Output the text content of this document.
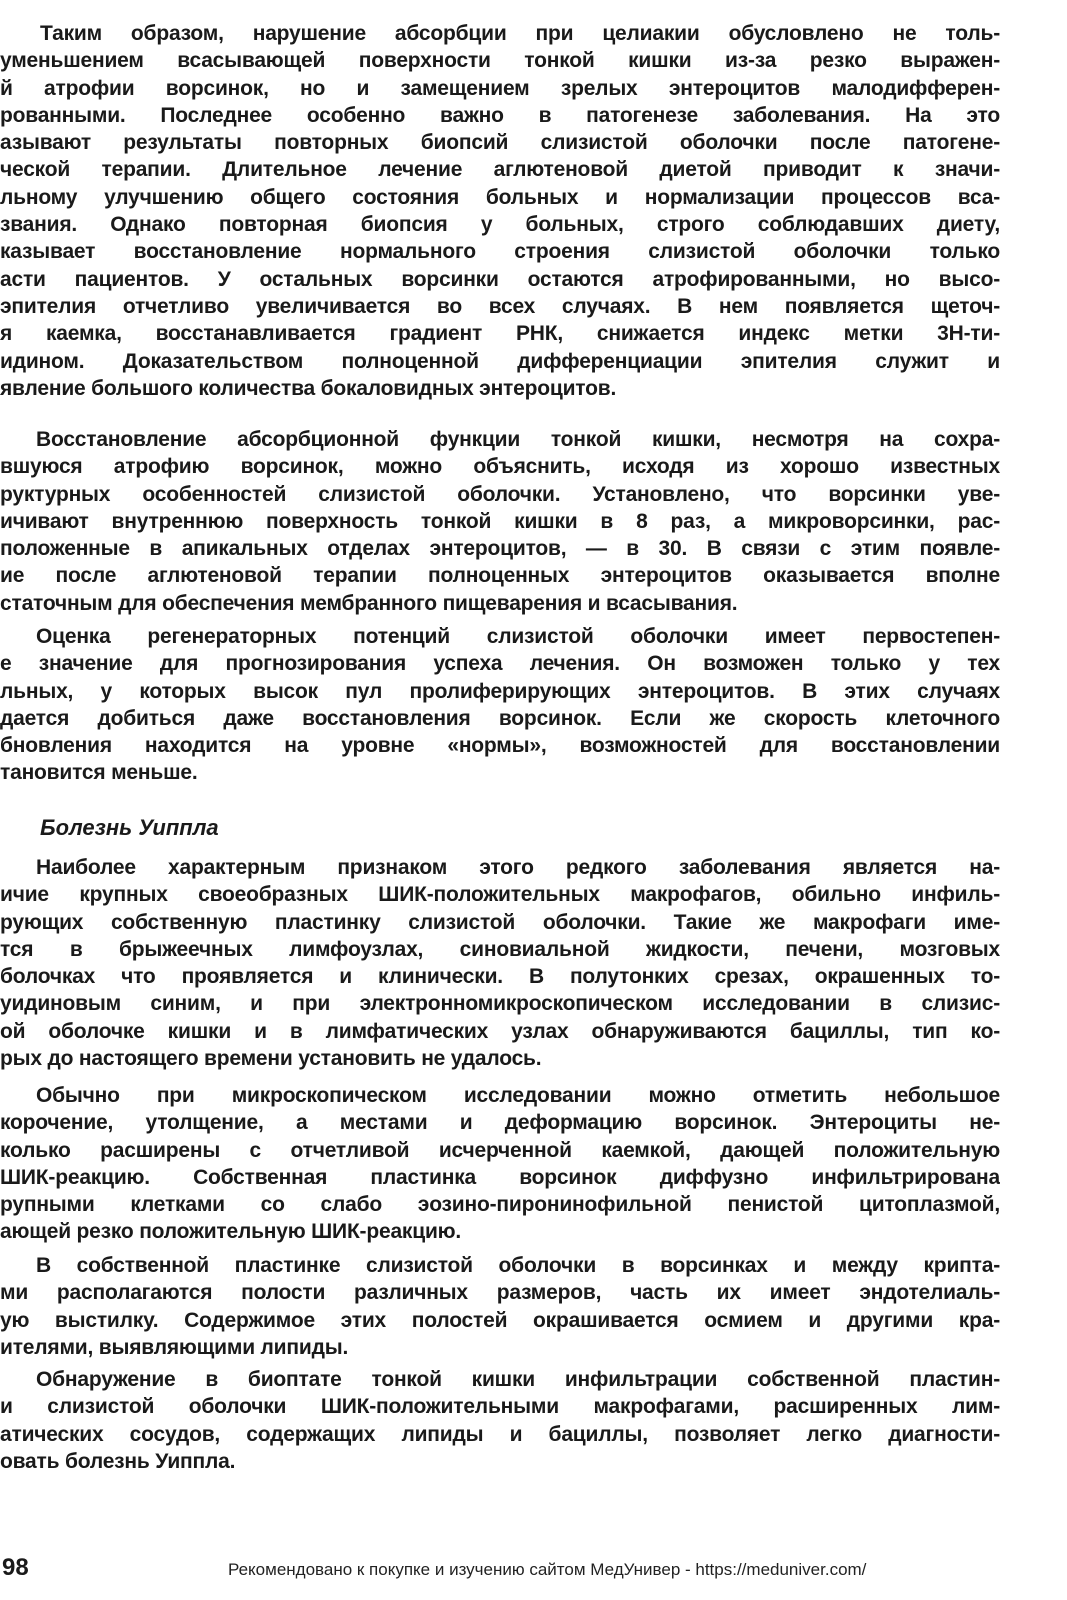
Таким образом, нарушение абсорбции при целиакии обусловлено не толь-
уменьшением всасывающей поверхности тонкой кишки из-за резко выражен-
й атрофии ворсинок, но и замещением зрелых энтероцитов малодифферен-
рованными. Последнее особенно важно в патогенезе заболевания. На это
азывают результаты повторных биопсий слизистой оболочки после патогене-
ческой терапии. Длительное лечение аглютеновой диетой приводит к значи-
льному улучшению общего состояния больных и нормализации процессов вса-
звания. Однако повторная биопсия у больных, строго соблюдавших диету,
казывает восстановление нормального строения слизистой оболочки только
асти пациентов. У остальных ворсинки остаются атрофированными, но высо-
эпителия отчетливо увеличивается во всех случаях. В нем появляется щеточ-
я каемка, восстанавливается градиент РНК, снижается индекс метки 3Н-ти-
идином. Доказательством полноценной дифференциации эпителия служит и
явление большого количества бокаловидных энтероцитов.
Восстановление абсорбционной функции тонкой кишки, несмотря на сохра-
вшуюся атрофию ворсинок, можно объяснить, исходя из хорошо известных
руктурных особенностей слизистой оболочки. Установлено, что ворсинки уве-
ичивают внутреннюю поверхность тонкой кишки в 8 раз, а микроворсинки, рас-
положенные в апикальных отделах энтероцитов, — в 30. В связи с этим появле-
ие после аглютеновой терапии полноценных энтероцитов оказывается вполне
статочным для обеспечения мембранного пищеварения и всасывания.
Оценка регенераторных потенций слизистой оболочки имеет первостепен-
е значение для прогнозирования успеха лечения. Он возможен только у тех
льных, у которых высок пул пролиферирующих энтероцитов. В этих случаях
дается добиться даже восстановления ворсинок. Если же скорость клеточного
бновления находится на уровне «нормы», возможностей для восстановлении
тановится меньше.
Болезнь Уиппла
Наиболее характерным признаком этого редкого заболевания является на-
ичие крупных своеобразных ШИК-положительных макрофагов, обильно инфиль-
рующих собственную пластинку слизистой оболочки. Такие же макрофаги име-
тся в брыжеечных лимфоузлах, синовиальной жидкости, печени, мозговых
болочках что проявляется и клинически. В полутонких срезах, окрашенных то-
уидиновым синим, и при электронномикроскопическом исследовании в слизис-
ой оболочке кишки и в лимфатических узлах обнаруживаются бациллы, тип ко-
рых до настоящего времени установить не удалось.
Обычно при микроскопическом исследовании можно отметить небольшое
корочение, утолщение, а местами и деформацию ворсинок. Энтероциты не-
колько расширены с отчетливой исчерченной каемкой, дающей положительную
ШИК-реакцию. Собственная пластинка ворсинок диффузно инфильтрирована
рупными клетками со слабо эозино-пиронинофильной пенистой цитоплазмой,
ающей резко положительную ШИК-реакцию.
В собственной пластинке слизистой оболочки в ворсинках и между крипта-
ми располагаются полости различных размеров, часть их имеет эндотелиаль-
ую выстилку. Содержимое этих полостей окрашивается осмием и другими кра-
ителями, выявляющими липиды.
Обнаружение в биоптате тонкой кишки инфильтрации собственной пластин-
и слизистой оболочки ШИК-положительными макрофагами, расширенных лим-
атических сосудов, содержащих липиды и бациллы, позволяет легко диагности-
овать болезнь Уиппла.
98	Рекомендовано к покупке и изучению сайтом МедУнивер - https://meduniver.com/
